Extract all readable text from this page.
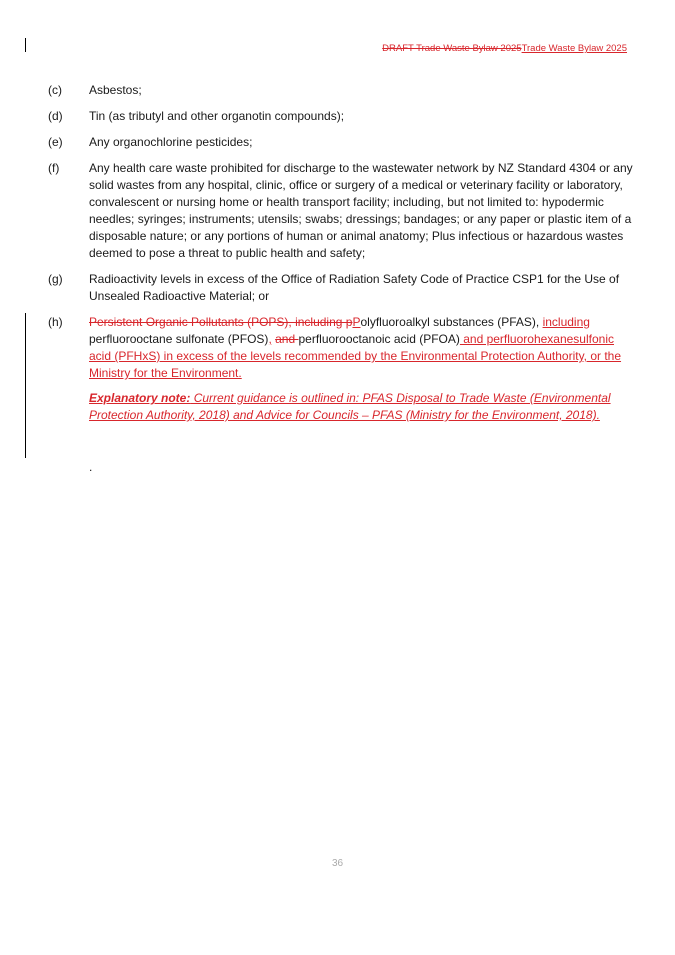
DRAFT Trade Waste Bylaw 2025Trade Waste Bylaw 2025
(c)	Asbestos;
(d)	Tin (as tributyl and other organotin compounds);
(e)	Any organochlorine pesticides;
(f)	Any health care waste prohibited for discharge to the wastewater network by NZ Standard 4304 or any solid wastes from any hospital, clinic, office or surgery of a medical or veterinary facility or laboratory, convalescent or nursing home or health transport facility; including, but not limited to: hypodermic needles; syringes; instruments; utensils; swabs; dressings; bandages; or any paper or plastic item of a disposable nature; or any portions of human or animal anatomy; Plus infectious or hazardous wastes deemed to pose a threat to public health and safety;
(g)	Radioactivity levels in excess of the Office of Radiation Safety Code of Practice CSP1 for the Use of Unsealed Radioactive Material; or
(h)	Persistent Organic Pollutants (POPS), including pPolyfluoroalkyl substances (PFAS), including perfluorooctane sulfonate (PFOS), and perfluorooctanoic acid (PFOA) and perfluorohexanesulfonic acid (PFHxS) in excess of the levels recommended by the Environmental Protection Authority, or the Ministry for the Environment.
Explanatory note: Current guidance is outlined in: PFAS Disposal to Trade Waste (Environmental Protection Authority, 2018) and Advice for Councils – PFAS (Ministry for the Environment, 2018).
.
36
